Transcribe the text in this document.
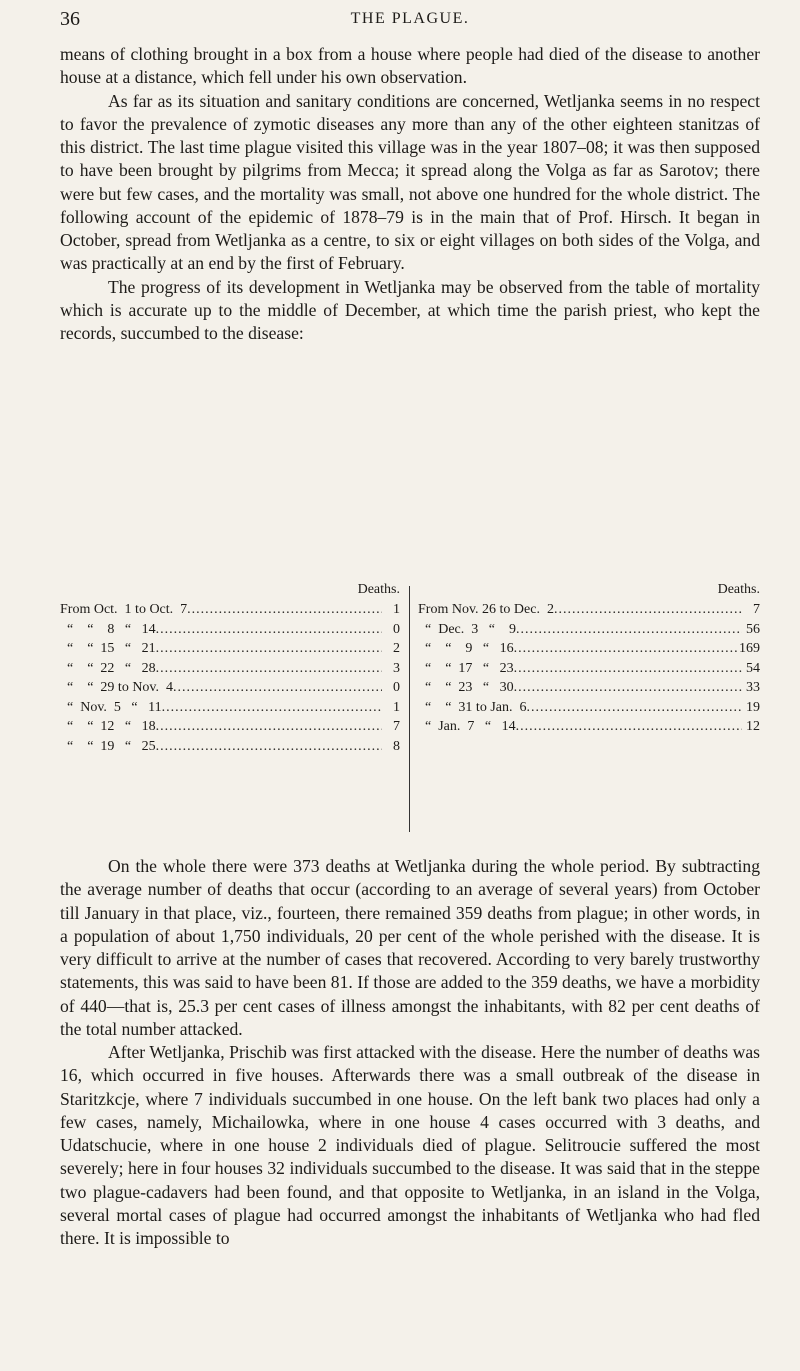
36	THE PLAGUE.

means of clothing brought in a box from a house where people had died of the disease to another house at a distance, which fell under his own observation.

As far as its situation and sanitary conditions are concerned, Wetljanka seems in no respect to favor the prevalence of zymotic diseases any more than any of the other eighteen stanitzas of this district. The last time plague visited this village was in the year 1807–08; it was then supposed to have been brought by pilgrims from Mecca; it spread along the Volga as far as Sarotov; there were but few cases, and the mortality was small, not above one hundred for the whole district. The following account of the epidemic of 1878–79 is in the main that of Prof. Hirsch. It began in October, spread from Wetljanka as a centre, to six or eight villages on both sides of the Volga, and was practically at an end by the first of February.

The progress of its development in Wetljanka may be observed from the table of mortality which is accurate up to the middle of December, at which time the parish priest, who kept the records, succumbed to the disease:

Deaths.
From Oct.  1 to Oct.  7 .....	1
“    “    8   “   14 .....	0
“    “  15   “   21 .....	2
“    “  22   “   28 .....	3
“    “  29 to Nov.  4 .....	0
“  Nov.  5   “   11 .....	1
“    “  12   “   18 .....	7
“    “  19   “   25 .....	8
Deaths.
From Nov. 26 to Dec.  2 .....	7
“  Dec.  3   “    9 .....	56
“    “    9   “   16 .....	169
“    “  17   “   23 .....	54
“    “  23   “   30 .....	33
“    “  31 to Jan.  6 .....	19
“  Jan.  7   “   14 .....	12

On the whole there were 373 deaths at Wetljanka during the whole period. By subtracting the average number of deaths that occur (according to an average of several years) from October till January in that place, viz., fourteen, there remained 359 deaths from plague; in other words, in a population of about 1,750 individuals, 20 per cent of the whole perished with the disease. It is very difficult to arrive at the number of cases that recovered. According to very barely trustworthy statements, this was said to have been 81. If those are added to the 359 deaths, we have a morbidity of 440—that is, 25.3 per cent cases of illness amongst the inhabitants, with 82 per cent deaths of the total number attacked.

After Wetljanka, Prischib was first attacked with the disease. Here the number of deaths was 16, which occurred in five houses. Afterwards there was a small outbreak of the disease in Staritzkcje, where 7 individuals succumbed in one house. On the left bank two places had only a few cases, namely, Michailowka, where in one house 4 cases occurred with 3 deaths, and Udatschucie, where in one house 2 individuals died of plague. Selitroucie suffered the most severely; here in four houses 32 individuals succumbed to the disease. It was said that in the steppe two plague-cadavers had been found, and that opposite to Wetljanka, in an island in the Volga, several mortal cases of plague had occurred amongst the inhabitants of Wetljanka who had fled there. It is impossible to
